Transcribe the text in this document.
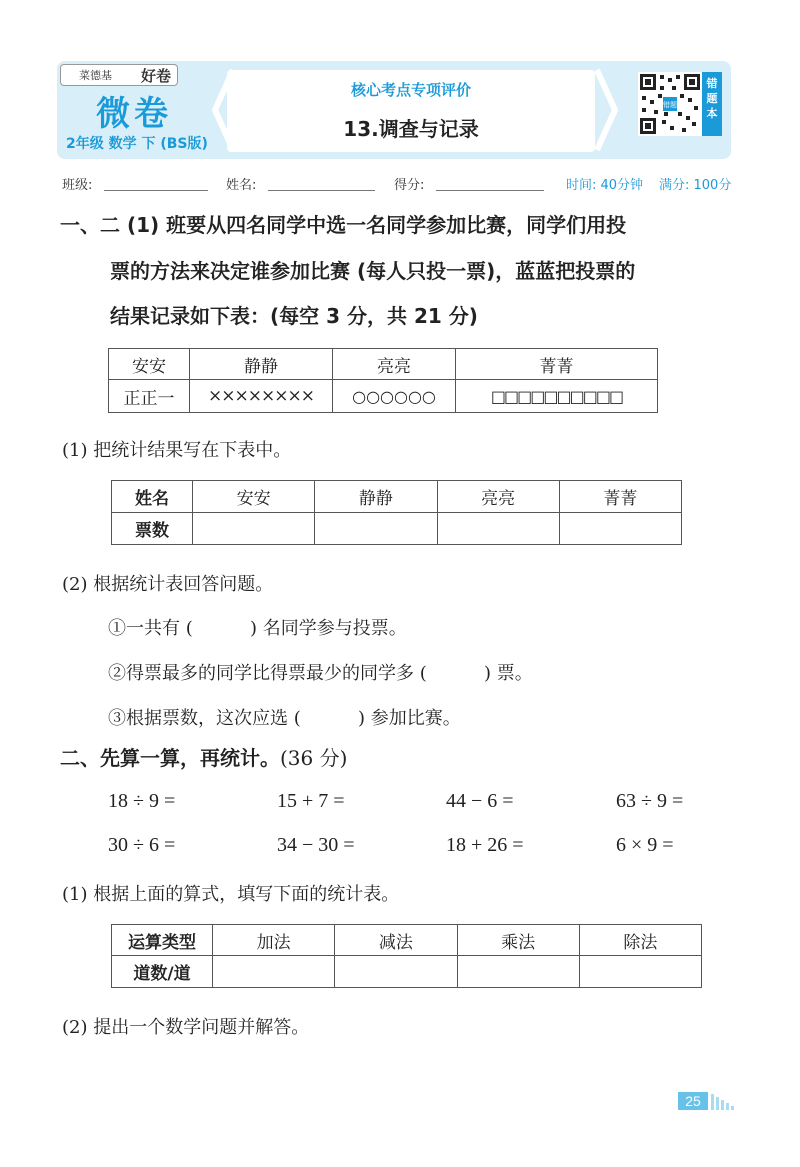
菜德基 好卷
微卷
2年级 数学 下 (BS版)
核心考点专项评价
13.调查与记录
错题
错
题
本
班级:	姓名:	得分:	时间: 40分钟 满分: 100分
一、二 (1) 班要从四名同学中选一名同学参加比赛，同学们用投
票的方法来决定谁参加比赛 (每人只投一票)，蓝蓝把投票的
结果记录如下表：(每空 3 分，共 21 分)
安安	静静	亮亮	菁菁
正正一	××××××××	○○○○○○	□□□□□□□□□□
(1) 把统计结果写在下表中。
姓名	安安	静静	亮亮	菁菁
票数				
(2) 根据统计表回答问题。
①一共有 (          ) 名同学参与投票。
②得票最多的同学比得票最少的同学多 (          ) 票。
③根据票数，这次应选 (          ) 参加比赛。
二、先算一算，再统计。(36 分)
18 ÷ 9 =	15 + 7 =	44 − 6 =	63 ÷ 9 =
30 ÷ 6 =	34 − 30 =	18 + 26 =	6 × 9 =
(1) 根据上面的算式，填写下面的统计表。
运算类型	加法	减法	乘法	除法
道数/道				
(2) 提出一个数学问题并解答。
25
